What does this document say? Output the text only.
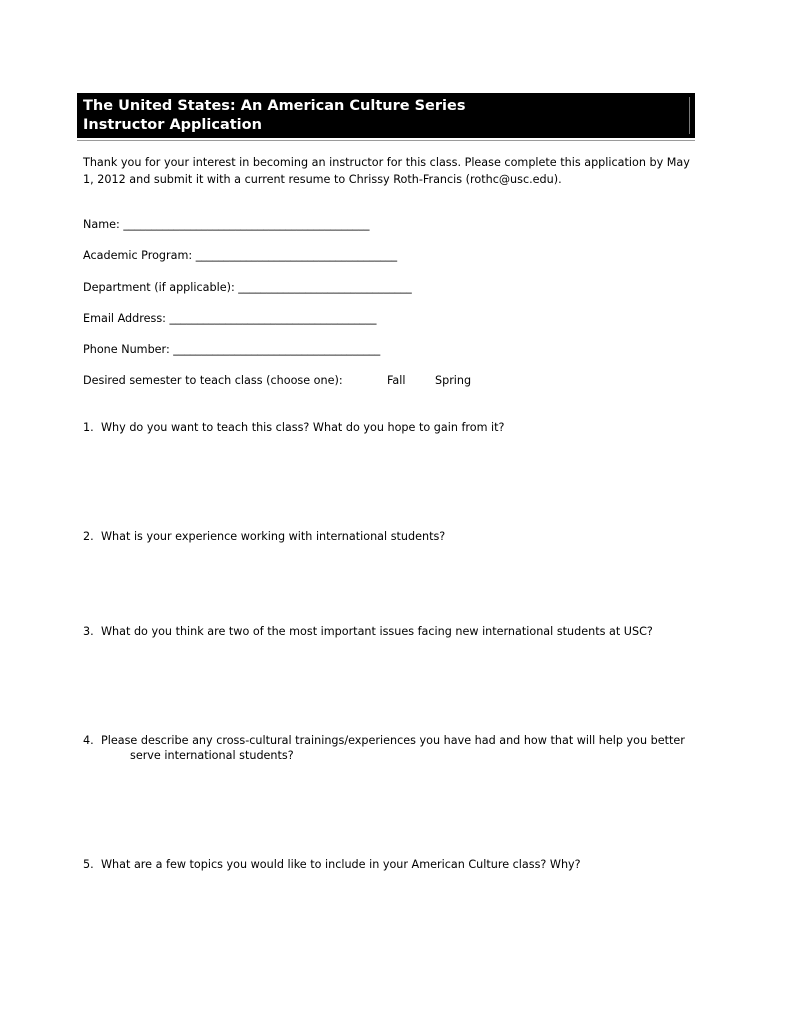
The United States: An American Culture Series
Instructor Application
Thank you for your interest in becoming an instructor for this class. Please complete this application by May 1, 2012 and submit it with a current resume to Chrissy Roth-Francis (rothc@usc.edu).
Name: ____________________________________________
Academic Program: ____________________________________
Department (if applicable): _______________________________
Email Address: _____________________________________
Phone Number: _____________________________________
Desired semester to teach class (choose one):	Fall	Spring
1. Why do you want to teach this class? What do you hope to gain from it?
2. What is your experience working with international students?
3. What do you think are two of the most important issues facing new international students at USC?
4. Please describe any cross-cultural trainings/experiences you have had and how that will help you better
serve international students?
5. What are a few topics you would like to include in your American Culture class? Why?
